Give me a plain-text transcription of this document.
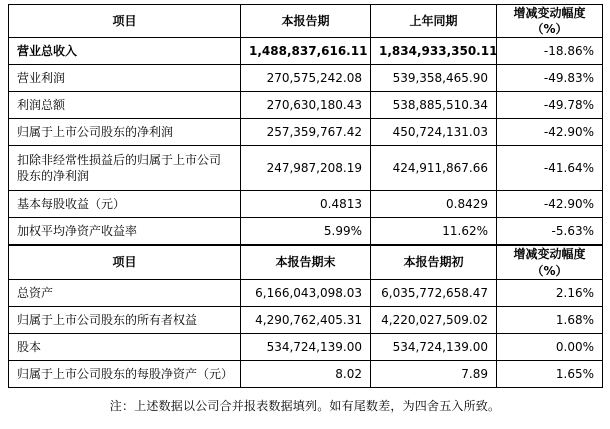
项目	本报告期	上年同期	增减变动幅度（%）
营业总收入	1,488,837,616.11	1,834,933,350.11	-18.86%
营业利润	270,575,242.08	539,358,465.90	-49.83%
利润总额	270,630,180.43	538,885,510.34	-49.78%
归属于上市公司股东的净利润	257,359,767.42	450,724,131.03	-42.90%
扣除非经常性损益后的归属于上市公司股东的净利润	247,987,208.19	424,911,867.66	-41.64%
基本每股收益（元）	0.4813	0.8429	-42.90%
加权平均净资产收益率	5.99%	11.62%	-5.63%
项目	本报告期末	本报告期初	增减变动幅度（%）
总资产	6,166,043,098.03	6,035,772,658.47	2.16%
归属于上市公司股东的所有者权益	4,290,762,405.31	4,220,027,509.02	1.68%
股本	534,724,139.00	534,724,139.00	0.00%
归属于上市公司股东的每股净资产（元）	8.02	7.89	1.65%
注：上述数据以公司合并报表数据填列。如有尾数差，为四舍五入所致。
